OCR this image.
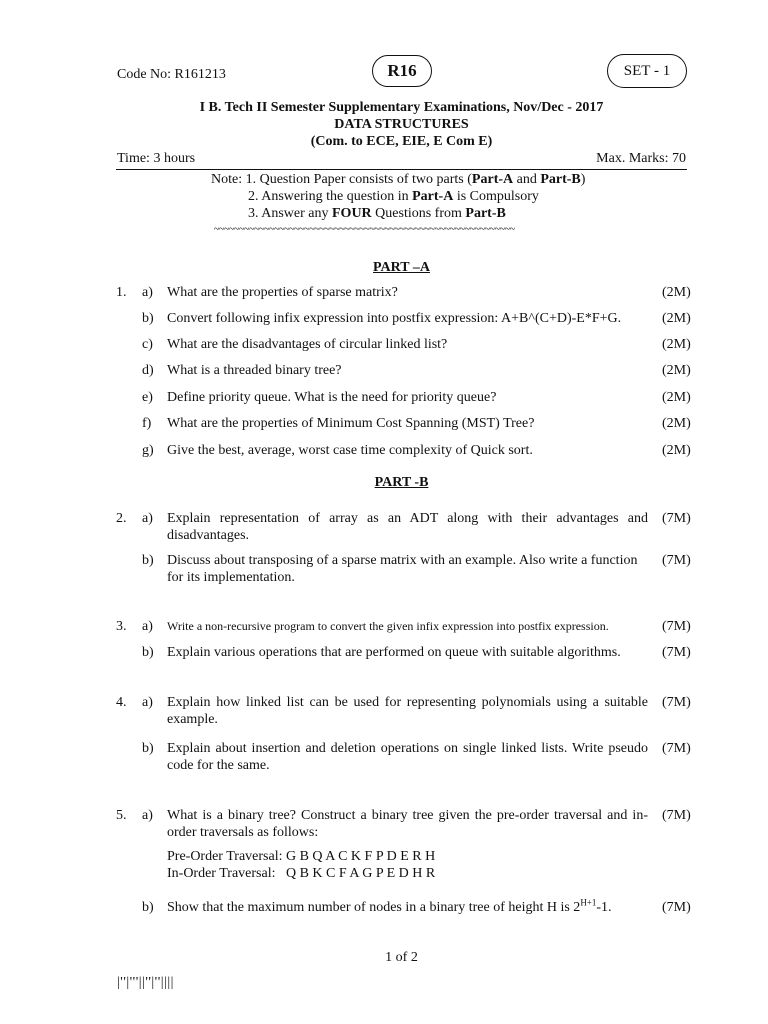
Code No: R161213	R16	SET - 1
I B. Tech II Semester Supplementary Examinations, Nov/Dec - 2017
DATA STRUCTURES
(Com. to ECE, EIE, E Com E)
Time: 3 hours	Max. Marks: 70
Note: 1. Question Paper consists of two parts (Part-A and Part-B)
2. Answering the question in Part-A is Compulsory
3. Answer any FOUR Questions from Part-B
~~~~~~~~~~~~~~~~~~~~~~~~~~~~~~~~~~~~~~~~~~~~~~~~~~~~~~~~~~~~
PART –A
1. a) What are the properties of sparse matrix?	(2M)
b) Convert following infix expression into postfix expression: A+B^(C+D)-E*F+G.	(2M)
c) What are the disadvantages of circular linked list?	(2M)
d) What is a threaded binary tree?	(2M)
e) Define priority queue. What is the need for priority queue?	(2M)
f) What are the properties of Minimum Cost Spanning (MST) Tree?	(2M)
g) Give the best, average, worst case time complexity of Quick sort.	(2M)
PART -B
2. a) Explain representation of array as an ADT along with their advantages and disadvantages.
(7M)
b) Discuss about transposing of a sparse matrix with an example. Also write a function for its implementation.
(7M)
3. a) Write a non-recursive program to convert the given infix expression into postfix expression.	(7M)
b) Explain various operations that are performed on queue with suitable algorithms.	(7M)
4. a) Explain how linked list can be used for representing polynomials using a suitable example.
(7M)
b) Explain about insertion and deletion operations on single linked lists. Write pseudo code for the same.
(7M)
5. a) What is a binary tree? Construct a binary tree given the pre-order traversal and in-order traversals as follows:
(7M)
Pre-Order Traversal: G B Q A C K F P D E R H
In-Order Traversal:   Q B K C F A G P E D H R
b) Show that the maximum number of nodes in a binary tree of height H is $2^{H+1}-1$.	(7M)
1 of 2
|''|'''||''|''||||
